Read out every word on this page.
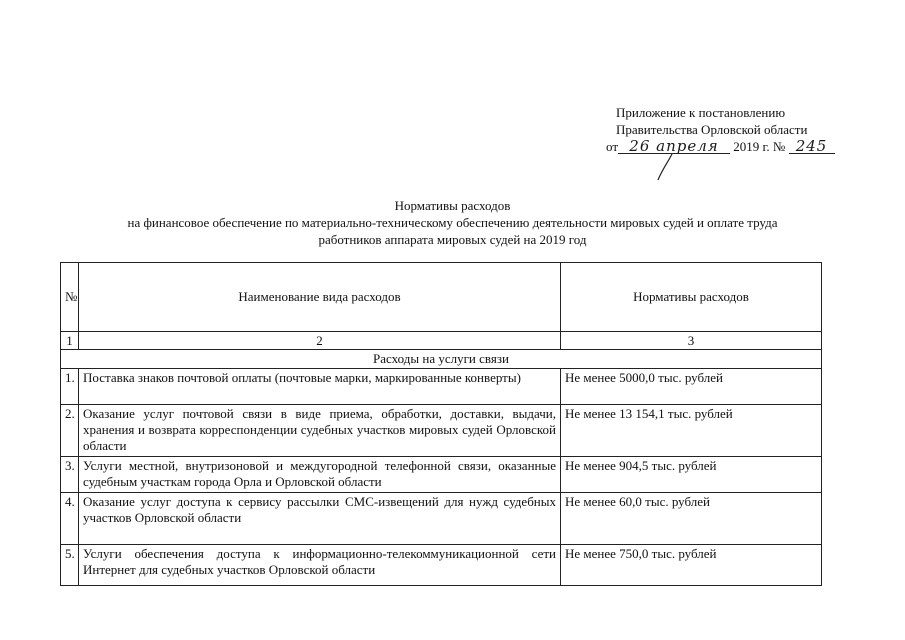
Приложение к постановлению
Правительства Орловской области
от 26 апреля 2019 г. № 245
Нормативы расходов
на финансовое обеспечение по материально-техническому обеспечению деятельности мировых судей и оплате труда
работников аппарата мировых судей на 2019 год
№	Наименование вида расходов	Нормативы расходов
1	2	3
Расходы на услуги связи		
1.	Поставка знаков почтовой оплаты (почтовые марки, маркированные конверты)	Не менее 5000,0 тыс. рублей
2.	Оказание услуг почтовой связи в виде приема, обработки, доставки, выдачи, хранения и возврата корреспонденции судебных участков мировых судей Орловской области	Не менее 13 154,1 тыс. рублей
3.	Услуги местной, внутризоновой и междугородной телефонной связи, оказанные судебным участкам города Орла и Орловской области	Не менее 904,5 тыс. рублей
4.	Оказание услуг доступа к сервису рассылки СМС-извещений для нужд судебных участков Орловской области	Не менее 60,0 тыс. рублей
5.	Услуги обеспечения доступа к информационно-телекоммуникационной сети Интернет для судебных участков Орловской области	Не менее 750,0 тыс. рублей
